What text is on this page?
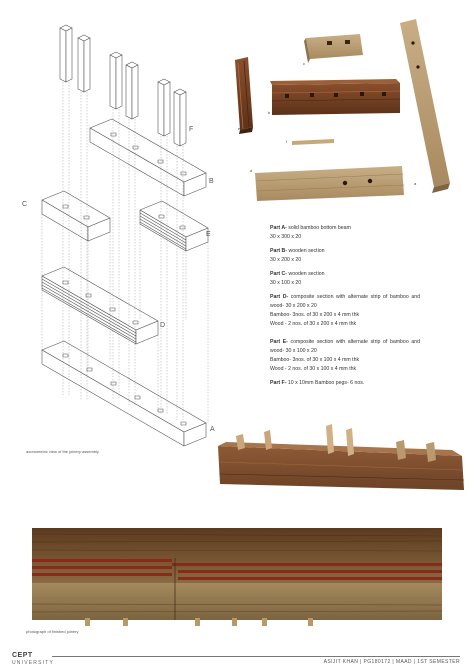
F
B
C
E
D
A
axonometric view of the joinery assembly
c
e
b
f
d
a
Part A- solid bamboo bottom beam
30 x 300 x 20
Part B- wooden section
30 x 200 x 20
Part C- wooden section
30 x 100 x 20
Part D- composite section with alternate strip of bamboo and wood- 30 x 200 x 20
Bamboo- 3nos. of 30 x 200 x 4 mm thk
Wood - 2 nos. of 30 x 200 x 4 mm thk
Part E- composite section with alternate strip of bamboo and wood- 30 x 100 x 20
Bamboo- 3nos. of 30 x 100 x 4 mm thk
Wood - 2 nos. of 30 x 100 x 4 mm thk
Part F- 10 x 10mm Bamboo pegs- 6 nos.
photograph of finished joinery
CEPT
UNIVERSITY	ASIJIT KHAN | PG180172 | MAAD | 1ST SEMESTER
